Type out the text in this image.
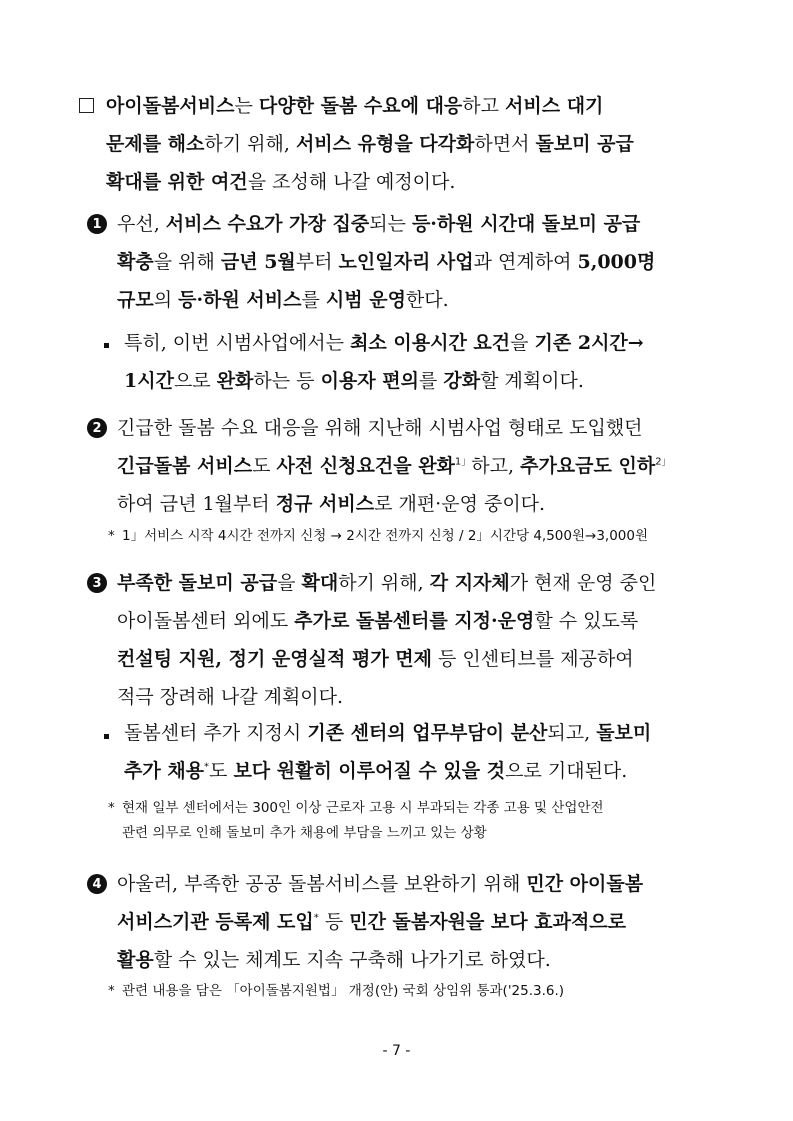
아이돌봄서비스는 다양한 돌봄 수요에 대응하고 서비스 대기
문제를 해소하기 위해, 서비스 유형을 다각화하면서 돌보미 공급
확대를 위한 여건을 조성해 나갈 예정이다.
1 우선, 서비스 수요가 가장 집중되는 등·하원 시간대 돌보미 공급
확충을 위해 금년 5월부터 노인일자리 사업과 연계하여 5,000명
규모의 등·하원 서비스를 시범 운영한다.
특히, 이번 시범사업에서는 최소 이용시간 요건을 기존 2시간→
1시간으로 완화하는 등 이용자 편의를 강화할 계획이다.
2 긴급한 돌봄 수요 대응을 위해 지난해 시범사업 형태로 도입했던
긴급돌봄 서비스도 사전 신청요건을 완화$^{1」}$하고, 추가요금도 인하$^{2」}$
하여 금년 1월부터 정규 서비스로 개편·운영 중이다.
* 1」서비스 시작 4시간 전까지 신청 → 2시간 전까지 신청 / 2」시간당 4,500원→3,000원
3 부족한 돌보미 공급을 확대하기 위해, 각 지자체가 현재 운영 중인
아이돌봄센터 외에도 추가로 돌봄센터를 지정·운영할 수 있도록
컨설팅 지원, 정기 운영실적 평가 면제 등 인센티브를 제공하여
적극 장려해 나갈 계획이다.
돌봄센터 추가 지정시 기존 센터의 업무부담이 분산되고, 돌보미
추가 채용*도 보다 원활히 이루어질 수 있을 것으로 기대된다.
* 현재 일부 센터에서는 300인 이상 근로자 고용 시 부과되는 각종 고용 및 산업안전
관련 의무로 인해 돌보미 추가 채용에 부담을 느끼고 있는 상황
4 아울러, 부족한 공공 돌봄서비스를 보완하기 위해 민간 아이돌봄
서비스기관 등록제 도입* 등 민간 돌봄자원을 보다 효과적으로
활용할 수 있는 체계도 지속 구축해 나가기로 하였다.
* 관련 내용을 담은 「아이돌봄지원법」 개정(안) 국회 상임위 통과('25.3.6.)
- 7 -
